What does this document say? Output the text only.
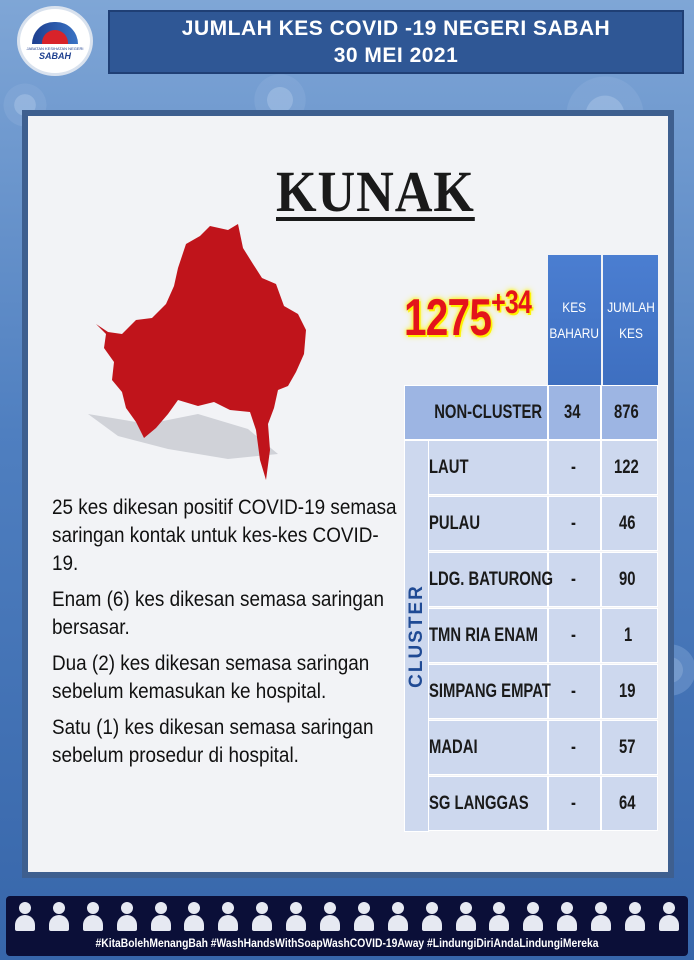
JABATAN KESIHATAN NEGERI
SABAH
JUMLAH KES COVID -19 NEGERI SABAH
30 MEI 2021
KUNAK
$1275^{+34}$	KES BAHARU
JUMLAH KES
NON-CLUSTER 34 876
LAUT	- 122
PULAU	- 46
LDG. BATURONG - 90
TMN RIA ENAM -	1
SIMPANG EMPAT - 19
MADAI	- 57
SG LANGGAS - 64
CLUSTER

25 kes dikesan positif COVID-19 semasa saringan kontak untuk kes-kes COVID-19.

Enam (6) kes dikesan semasa saringan bersasar.

Dua (2) kes dikesan semasa saringan sebelum kemasukan ke hospital.

Satu (1) kes dikesan semasa saringan sebelum prosedur di hospital.

#KitaBolehMenangBah #WashHandsWithSoapWashCOVID-19Away #LindungiDiriAndaLindungiMereka
